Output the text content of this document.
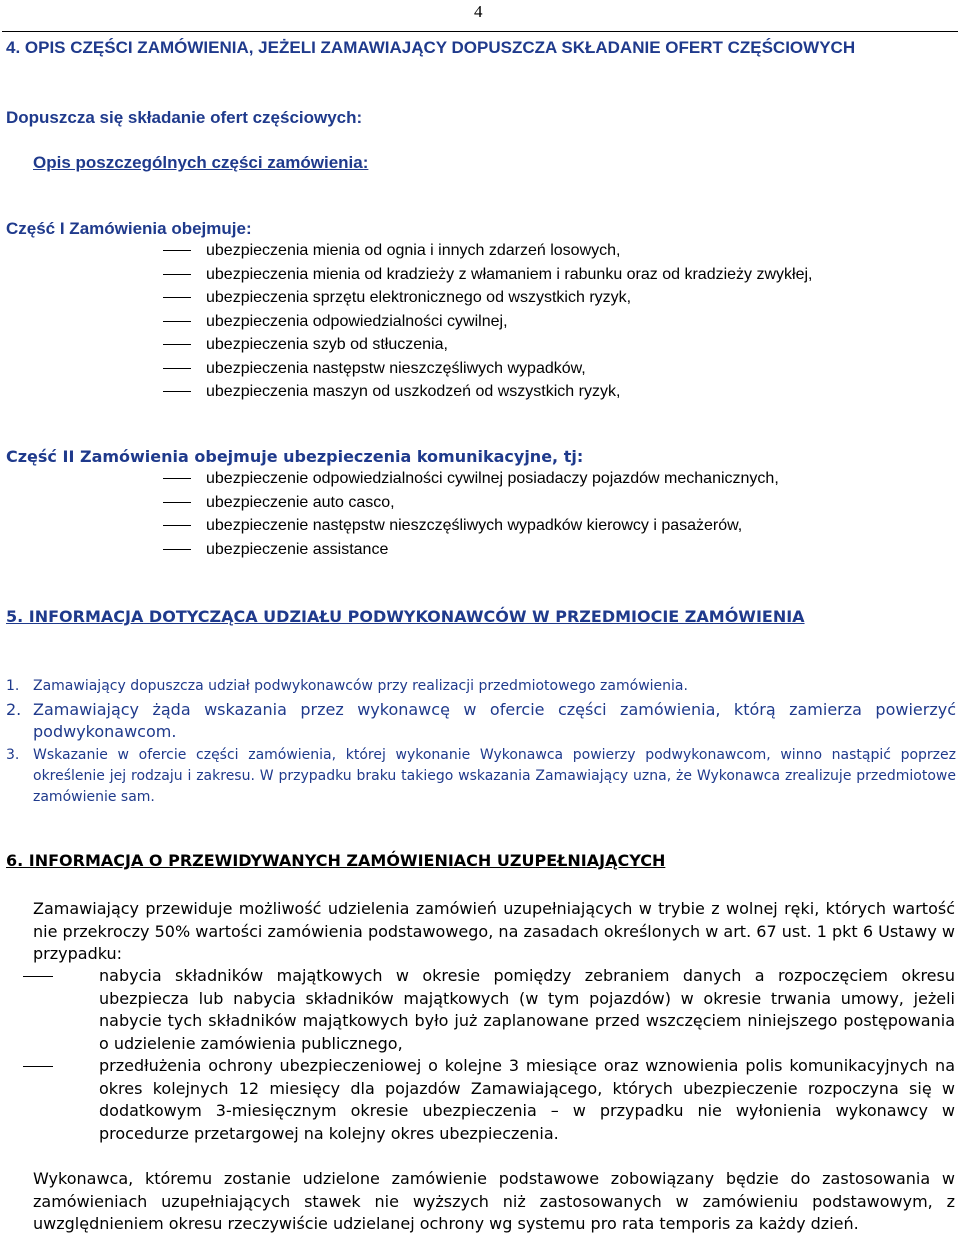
4
4. OPIS CZĘŚCI ZAMÓWIENIA, JEŻELI ZAMAWIAJĄCY DOPUSZCZA SKŁADANIE OFERT CZĘŚCIOWYCH
Dopuszcza się składanie ofert częściowych:
Opis poszczególnych części zamówienia:
Część I Zamówienia obejmuje:
ubezpieczenia mienia od ognia i innych zdarzeń losowych,
ubezpieczenia mienia od kradzieży z włamaniem i rabunku oraz od kradzieży zwykłej,
ubezpieczenia sprzętu elektronicznego od wszystkich ryzyk,
ubezpieczenia odpowiedzialności cywilnej,
ubezpieczenia szyb od stłuczenia,
ubezpieczenia następstw nieszczęśliwych wypadków,
ubezpieczenia maszyn od uszkodzeń od wszystkich ryzyk,
Część II Zamówienia obejmuje ubezpieczenia komunikacyjne, tj:
ubezpieczenie odpowiedzialności cywilnej posiadaczy pojazdów mechanicznych,
ubezpieczenie auto casco,
ubezpieczenie następstw nieszczęśliwych wypadków kierowcy i pasażerów,
ubezpieczenie assistance
5. INFORMACJA DOTYCZĄCA UDZIAŁU PODWYKONAWCÓW W PRZEDMIOCIE ZAMÓWIENIA
1. Zamawiający dopuszcza udział podwykonawców przy realizacji przedmiotowego zamówienia.
2. Zamawiający żąda wskazania przez wykonawcę w ofercie części zamówienia, którą zamierza powierzyć podwykonawcom.
3. Wskazanie w ofercie części zamówienia, której wykonanie Wykonawca powierzy podwykonawcom, winno nastąpić poprzez określenie jej rodzaju i zakresu. W przypadku braku takiego wskazania Zamawiający uzna, że Wykonawca zrealizuje przedmiotowe zamówienie sam.
6. INFORMACJA O PRZEWIDYWANYCH ZAMÓWIENIACH UZUPEŁNIAJĄCYCH
Zamawiający przewiduje możliwość udzielenia zamówień uzupełniających w trybie z wolnej ręki, których wartość nie przekroczy 50% wartości zamówienia podstawowego, na zasadach określonych w art. 67 ust. 1 pkt 6 Ustawy w przypadku:
nabycia składników majątkowych w okresie pomiędzy zebraniem danych a rozpoczęciem okresu ubezpiecza lub nabycia składników majątkowych (w tym pojazdów) w okresie trwania umowy, jeżeli nabycie tych składników majątkowych było już zaplanowane przed wszczęciem niniejszego postępowania o udzielenie zamówienia publicznego,
przedłużenia ochrony ubezpieczeniowej o kolejne 3 miesiące oraz wznowienia polis komunikacyjnych na okres kolejnych 12 miesięcy dla pojazdów Zamawiającego, których ubezpieczenie rozpoczyna się w dodatkowym 3-miesięcznym okresie ubezpieczenia – w przypadku nie wyłonienia wykonawcy w procedurze przetargowej na kolejny okres ubezpieczenia.
Wykonawca, któremu zostanie udzielone zamówienie podstawowe zobowiązany będzie do zastosowania w zamówieniach uzupełniających stawek nie wyższych niż zastosowanych w zamówieniu podstawowym, z uwzględnieniem okresu rzeczywiście udzielanej ochrony wg systemu pro rata temporis za każdy dzień.
